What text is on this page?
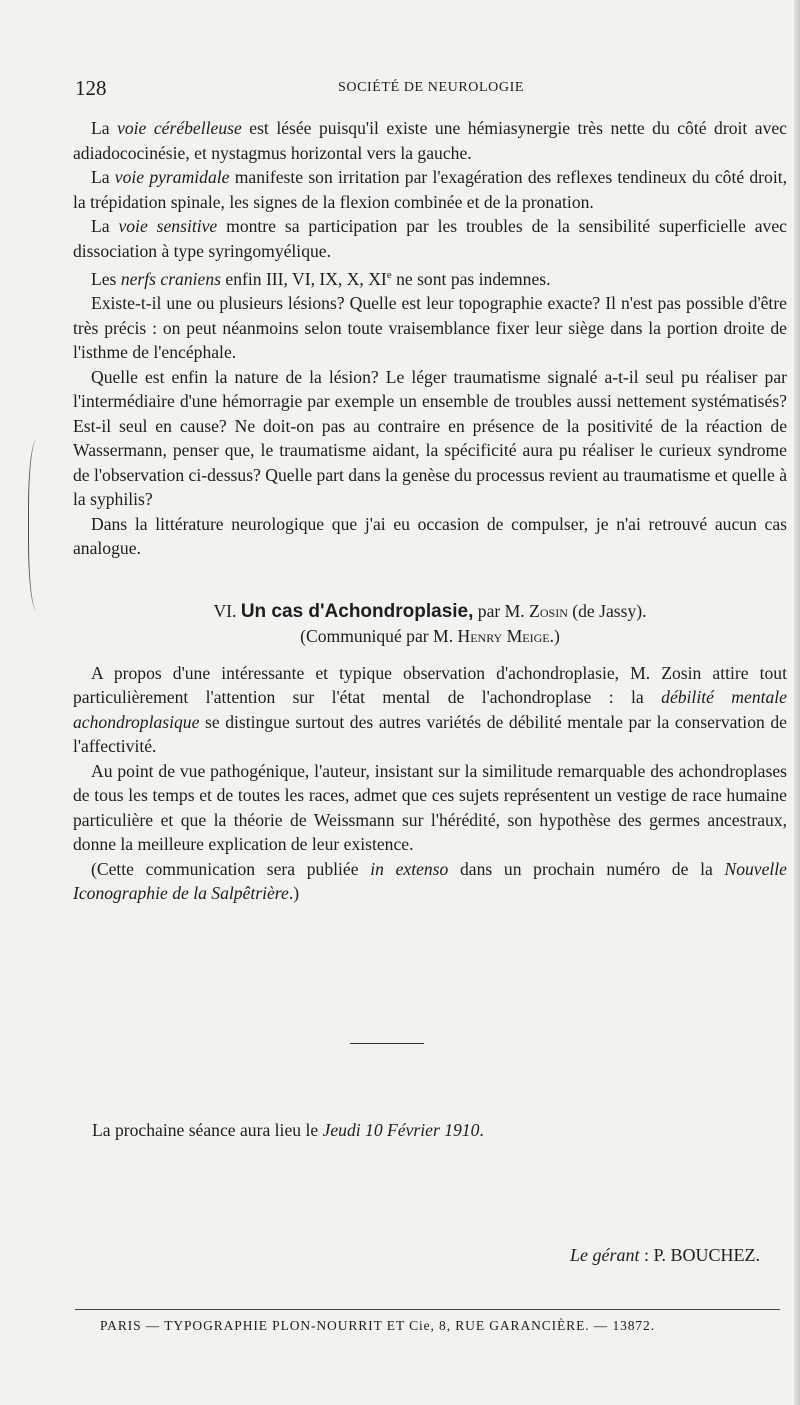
128	SOCIÉTÉ DE NEUROLOGIE

La voie cérébelleuse est lésée puisqu'il existe une hémiasynergie très nette du côté droit avec adiadococinésie, et nystagmus horizontal vers la gauche.

La voie pyramidale manifeste son irritation par l'exagération des reflexes tendineux du côté droit, la trépidation spinale, les signes de la flexion combinée et de la pronation.

La voie sensitive montre sa participation par les troubles de la sensibilité superficielle avec dissociation à type syringomyélique.

Les nerfs craniens enfin III, VI, IX, X, XIe ne sont pas indemnes.

Existe-t-il une ou plusieurs lésions? Quelle est leur topographie exacte? Il n'est pas possible d'être très précis : on peut néanmoins selon toute vraisemblance fixer leur siège dans la portion droite de l'isthme de l'encéphale.

Quelle est enfin la nature de la lésion? Le léger traumatisme signalé a-t-il seul pu réaliser par l'intermédiaire d'une hémorragie par exemple un ensemble de troubles aussi nettement systématisés? Est-il seul en cause? Ne doit-on pas au contraire en présence de la positivité de la réaction de Wassermann, penser que, le traumatisme aidant, la spécificité aura pu réaliser le curieux syndrome de l'observation ci-dessus? Quelle part dans la genèse du processus revient au traumatisme et quelle à la syphilis?

Dans la littérature neurologique que j'ai eu occasion de compulser, je n'ai retrouvé aucun cas analogue.

VI. Un cas d'Achondroplasie, par M. Zosin (de Jassy).
(Communiqué par M. Henry Meige.)

A propos d'une intéressante et typique observation d'achondroplasie, M. Zosin attire tout particulièrement l'attention sur l'état mental de l'achondroplase : la débilité mentale achondroplasique se distingue surtout des autres variétés de débilité mentale par la conservation de l'affectivité.

Au point de vue pathogénique, l'auteur, insistant sur la similitude remarquable des achondroplases de tous les temps et de toutes les races, admet que ces sujets représentent un vestige de race humaine particulière et que la théorie de Weissmann sur l'hérédité, son hypothèse des germes ancestraux, donne la meilleure explication de leur existence.

(Cette communication sera publiée in extenso dans un prochain numéro de la Nouvelle Iconographie de la Salpêtrière.)

La prochaine séance aura lieu le Jeudi 10 Février 1910.
Le gérant : P. BOUCHEZ.
PARIS — TYPOGRAPHIE PLON-NOURRIT ET Cie, 8, RUE GARANCIÈRE. — 13872.
